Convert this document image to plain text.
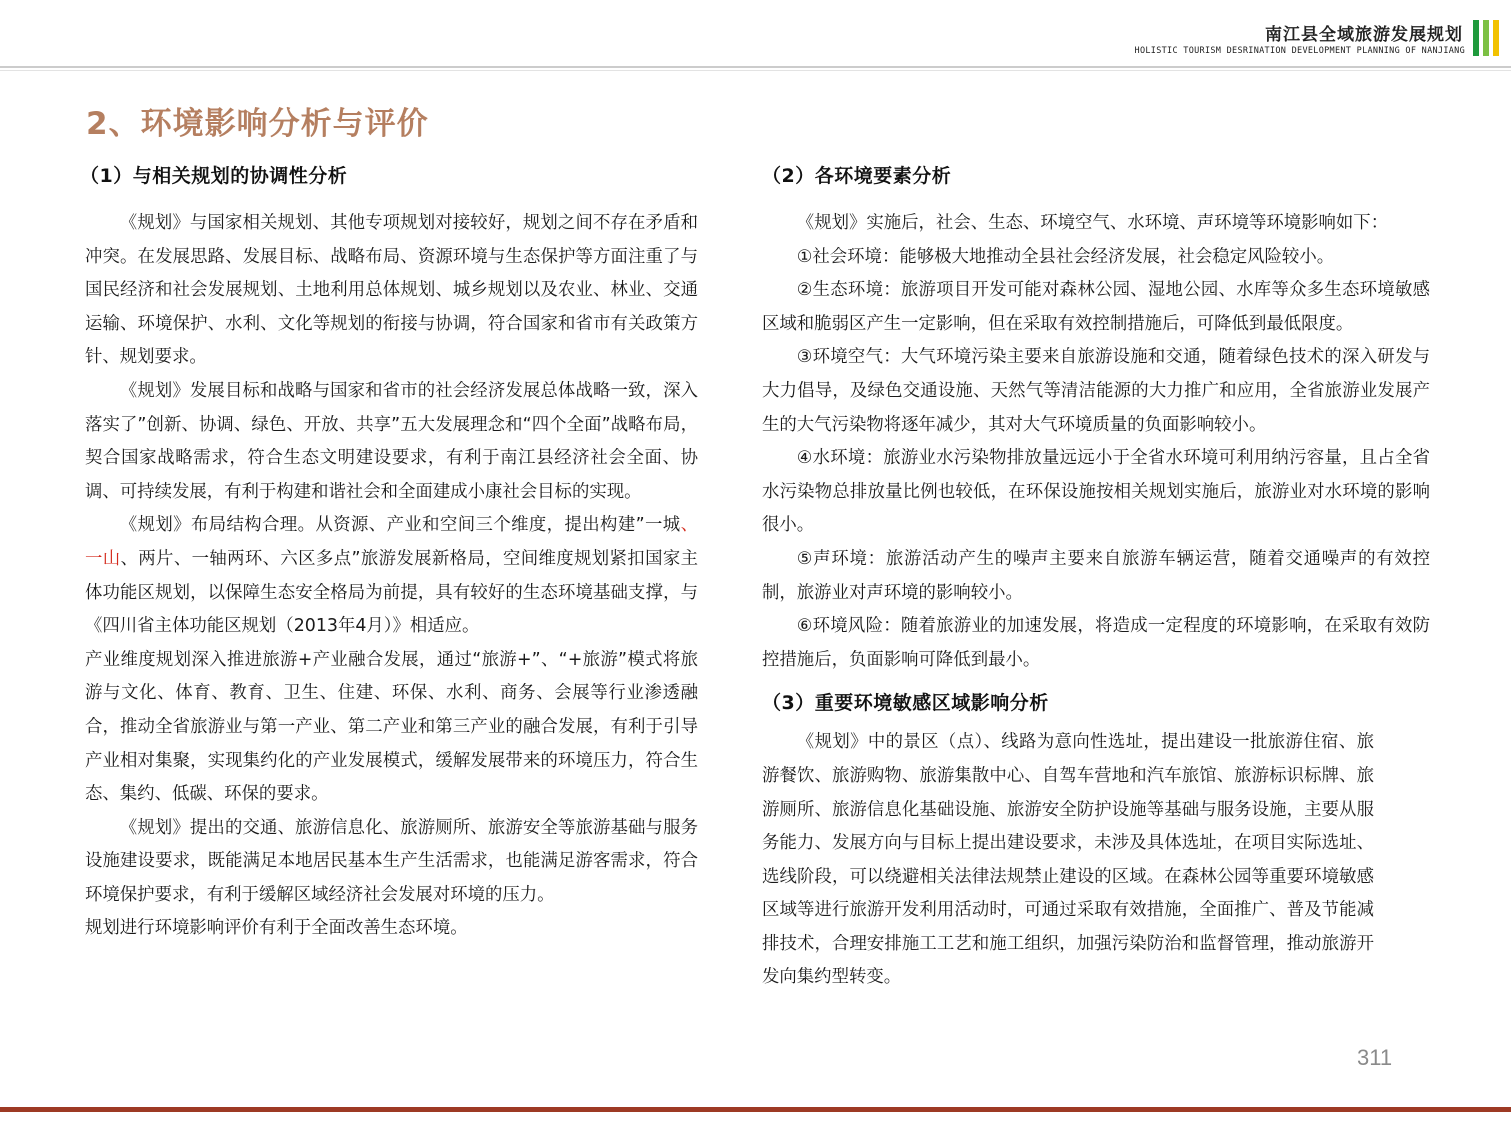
南江县全域旅游发展规划
HOLISTIC TOURISM DESRINATION DEVELOPMENT PLANNING OF NANJIANG
2、环境影响分析与评价
（1）与相关规划的协调性分析

《规划》与国家相关规划、其他专项规划对接较好，规划之间不存在矛盾和冲突。在发展思路、发展目标、战略布局、资源环境与生态保护等方面注重了与国民经济和社会发展规划、土地利用总体规划、城乡规划以及农业、林业、交通运输、环境保护、水利、文化等规划的衔接与协调，符合国家和省市有关政策方针、规划要求。

《规划》发展目标和战略与国家和省市的社会经济发展总体战略一致，深入落实了”创新、协调、绿色、开放、共享”五大发展理念和“四个全面”战略布局，契合国家战略需求，符合生态文明建设要求，有利于南江县经济社会全面、协调、可持续发展，有利于构建和谐社会和全面建成小康社会目标的实现。

《规划》布局结构合理。从资源、产业和空间三个维度，提出构建”一城、一山、两片、一轴两环、六区多点”旅游发展新格局，空间维度规划紧扣国家主体功能区规划，以保障生态安全格局为前提，具有较好的生态环境基础支撑，与《四川省主体功能区规划（2013年4月）》相适应。

产业维度规划深入推进旅游+产业融合发展，通过“旅游+”、“+旅游”模式将旅游与文化、体育、教育、卫生、住建、环保、水利、商务、会展等行业渗透融合，推动全省旅游业与第一产业、第二产业和第三产业的融合发展，有利于引导产业相对集聚，实现集约化的产业发展模式，缓解发展带来的环境压力，符合生态、集约、低碳、环保的要求。

《规划》提出的交通、旅游信息化、旅游厕所、旅游安全等旅游基础与服务设施建设要求，既能满足本地居民基本生产生活需求，也能满足游客需求，符合环境保护要求，有利于缓解区域经济社会发展对环境的压力。

规划进行环境影响评价有利于全面改善生态环境。

（2）各环境要素分析

《规划》实施后，社会、生态、环境空气、水环境、声环境等环境影响如下：

①社会环境：能够极大地推动全县社会经济发展，社会稳定风险较小。

②生态环境：旅游项目开发可能对森林公园、湿地公园、水库等众多生态环境敏感区域和脆弱区产生一定影响，但在采取有效控制措施后，可降低到最低限度。

③环境空气：大气环境污染主要来自旅游设施和交通，随着绿色技术的深入研发与大力倡导，及绿色交通设施、天然气等清洁能源的大力推广和应用，全省旅游业发展产生的大气污染物将逐年减少，其对大气环境质量的负面影响较小。

④水环境：旅游业水污染物排放量远远小于全省水环境可利用纳污容量，且占全省水污染物总排放量比例也较低，在环保设施按相关规划实施后，旅游业对水环境的影响很小。

⑤声环境：旅游活动产生的噪声主要来自旅游车辆运营，随着交通噪声的有效控制，旅游业对声环境的影响较小。

⑥环境风险：随着旅游业的加速发展，将造成一定程度的环境影响，在采取有效防控措施后，负面影响可降低到最小。

（3）重要环境敏感区域影响分析

《规划》中的景区（点）、线路为意向性选址，提出建设一批旅游住宿、旅游餐饮、旅游购物、旅游集散中心、自驾车营地和汽车旅馆、旅游标识标牌、旅游厕所、旅游信息化基础设施、旅游安全防护设施等基础与服务设施，主要从服务能力、发展方向与目标上提出建设要求，未涉及具体选址，在项目实际选址、选线阶段，可以绕避相关法律法规禁止建设的区域。在森林公园等重要环境敏感区域等进行旅游开发利用活动时，可通过采取有效措施，全面推广、普及节能减排技术，合理安排施工工艺和施工组织，加强污染防治和监督管理，推动旅游开发向集约型转变。

311
